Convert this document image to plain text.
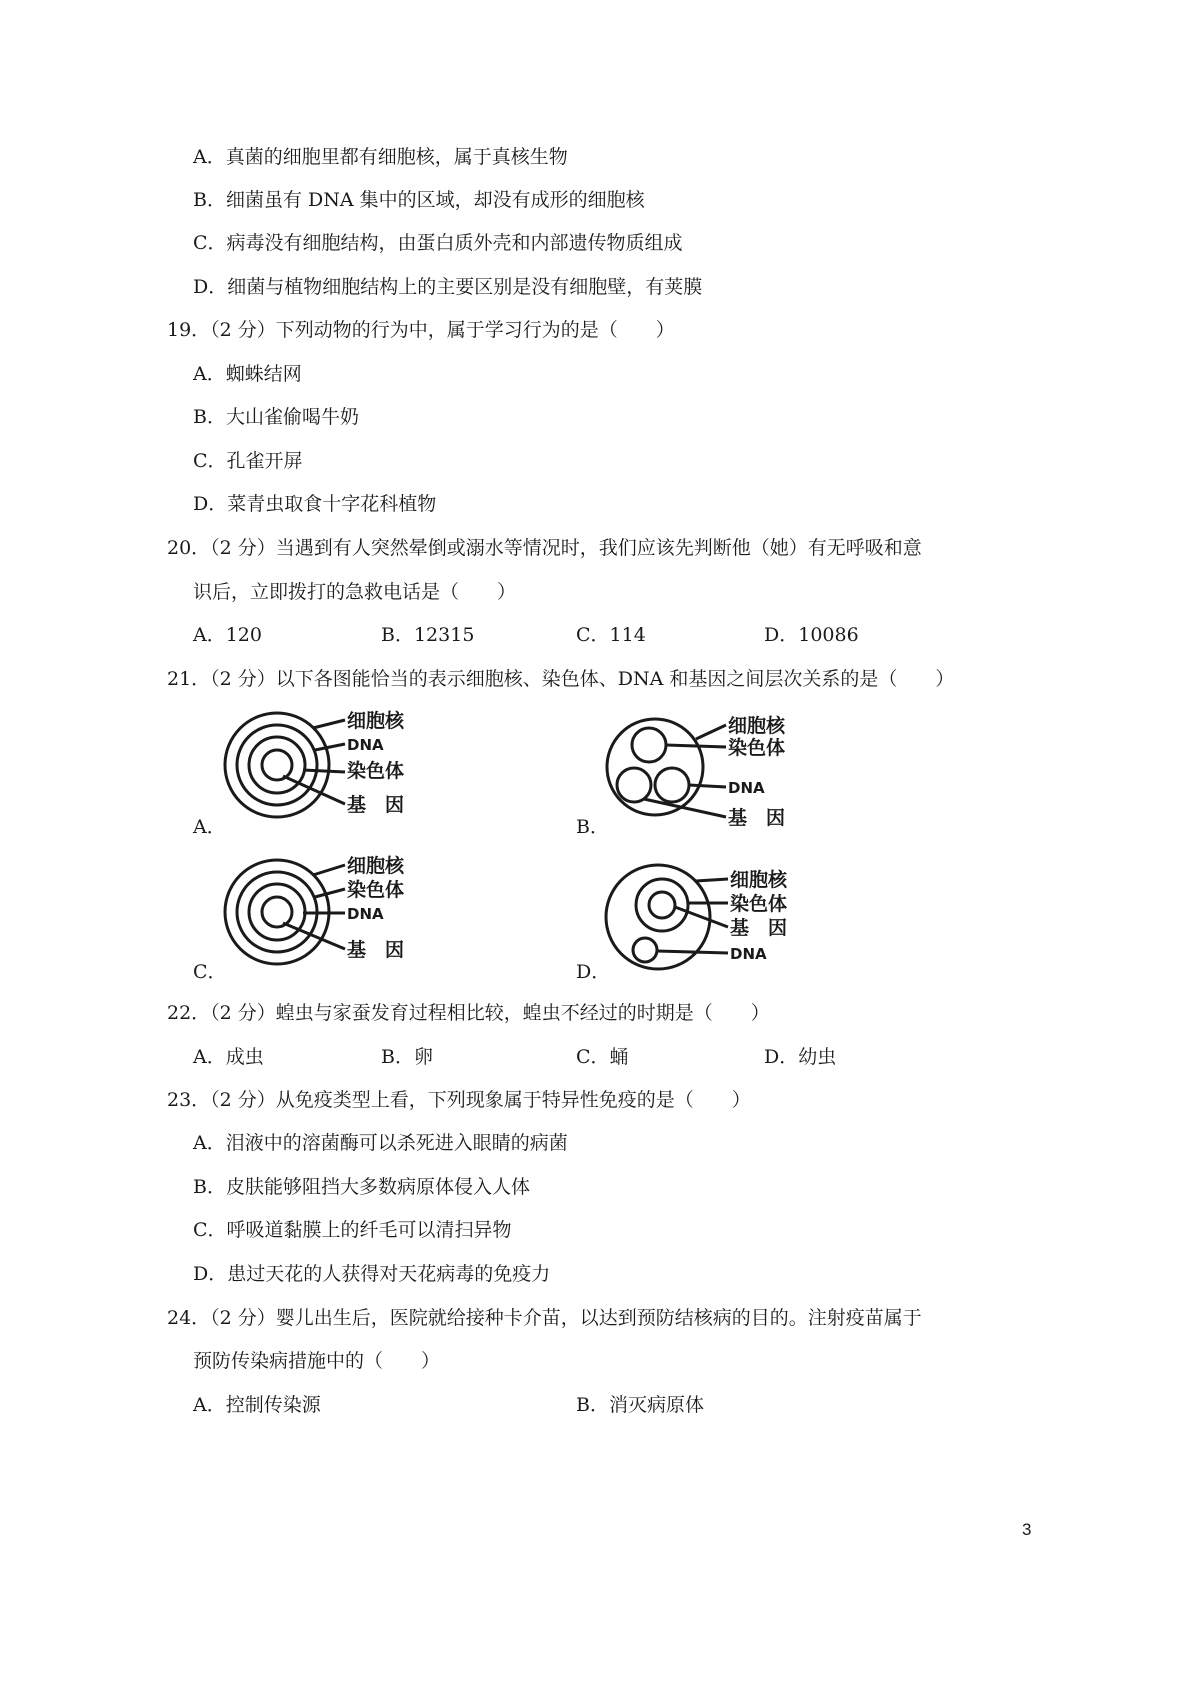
A．真菌的细胞里都有细胞核，属于真核生物
B．细菌虽有 DNA 集中的区域，却没有成形的细胞核
C．病毒没有细胞结构，由蛋白质外壳和内部遗传物质组成
D．细菌与植物细胞结构上的主要区别是没有细胞壁，有荚膜
19．（2 分）下列动物的行为中，属于学习行为的是（　　）
A．蜘蛛结网
B．大山雀偷喝牛奶
C．孔雀开屏
D．菜青虫取食十字花科植物
20．（2 分）当遇到有人突然晕倒或溺水等情况时，我们应该先判断他（她）有无呼吸和意
识后，立即拨打的急救电话是（　　）
A．120	B．12315	C．114	D．10086
21．（2 分）以下各图能恰当的表示细胞核、染色体、DNA 和基因之间层次关系的是（　　）
A．
细胞核
DNA
染色体
基　因
B．
细胞核
染色体
DNA
基　因
C．
细胞核
染色体
DNA
基　因
D．
细胞核
染色体
基　因
DNA
22．（2 分）蝗虫与家蚕发育过程相比较，蝗虫不经过的时期是（　　）
A．成虫	B．卵	C．蛹	D．幼虫
23．（2 分）从免疫类型上看，下列现象属于特异性免疫的是（　　）
A．泪液中的溶菌酶可以杀死进入眼睛的病菌
B．皮肤能够阻挡大多数病原体侵入人体
C．呼吸道黏膜上的纤毛可以清扫异物
D．患过天花的人获得对天花病毒的免疫力
24．（2 分）婴儿出生后，医院就给接种卡介苗，以达到预防结核病的目的。注射疫苗属于
预防传染病措施中的（　　）
A．控制传染源	B．消灭病原体
3
